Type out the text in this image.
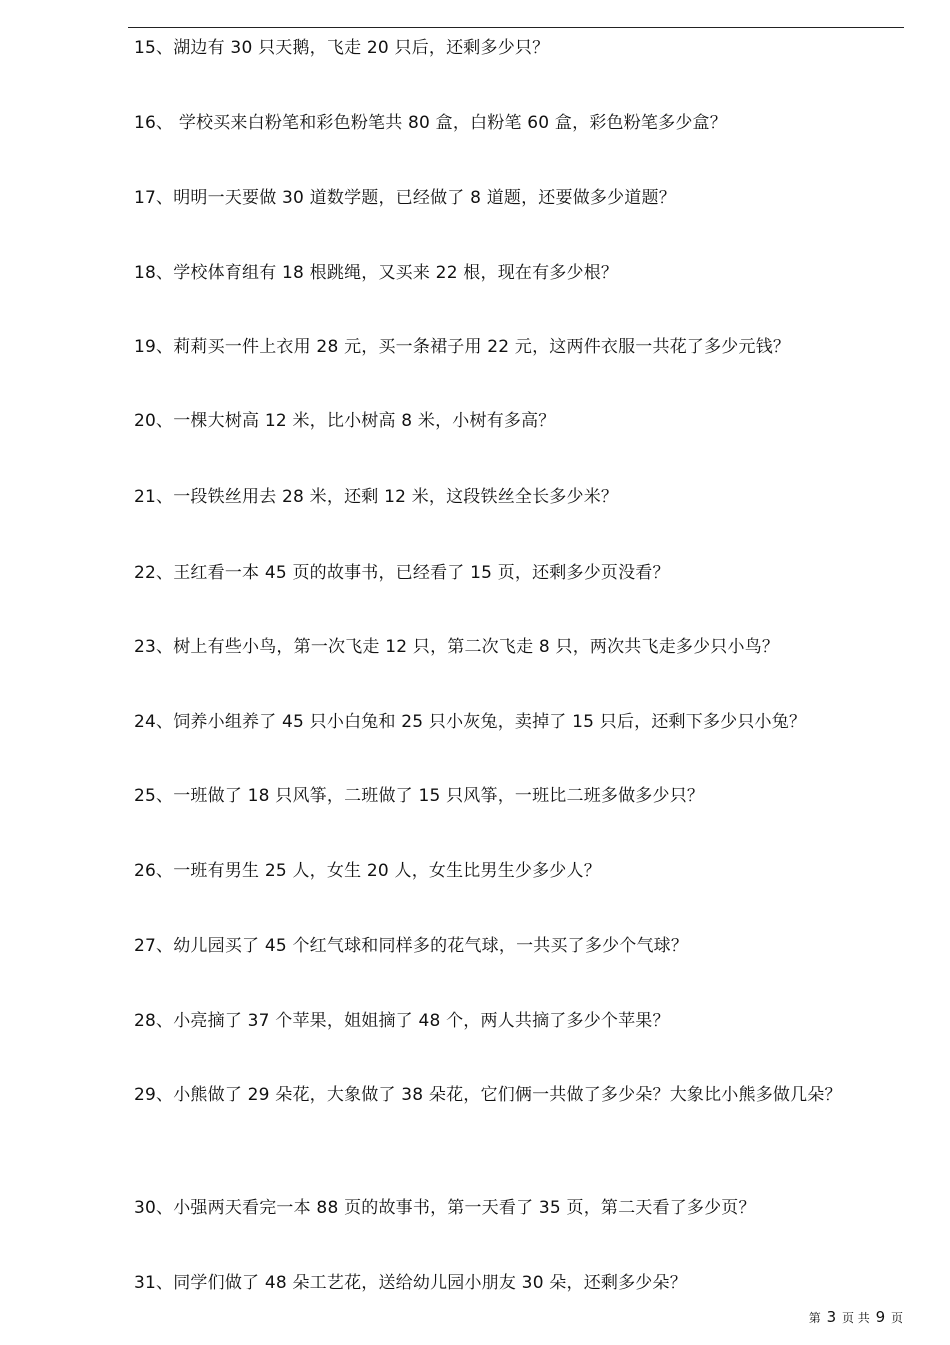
15、湖边有 30 只天鹅，飞走 20 只后，还剩多少只？
16、 学校买来白粉笔和彩色粉笔共 80 盒，白粉笔 60 盒，彩色粉笔多少盒？
17、明明一天要做 30 道数学题，已经做了 8 道题，还要做多少道题？
18、学校体育组有 18 根跳绳，又买来 22 根，现在有多少根？
19、莉莉买一件上衣用 28 元，买一条裙子用 22 元，这两件衣服一共花了多少元钱？
20、一棵大树高 12 米，比小树高 8 米，小树有多高？
21、一段铁丝用去 28 米，还剩 12 米，这段铁丝全长多少米？
22、王红看一本 45 页的故事书，已经看了 15 页，还剩多少页没看？
23、树上有些小鸟，第一次飞走 12 只，第二次飞走 8 只，两次共飞走多少只小鸟？
24、饲养小组养了 45 只小白兔和 25 只小灰兔，卖掉了 15 只后，还剩下多少只小兔？
25、一班做了 18 只风筝，二班做了 15 只风筝，一班比二班多做多少只？
26、一班有男生 25 人，女生 20 人，女生比男生少多少人？
27、幼儿园买了 45 个红气球和同样多的花气球，一共买了多少个气球？
28、小亮摘了 37 个苹果，姐姐摘了 48 个，两人共摘了多少个苹果？
29、小熊做了 29 朵花，大象做了 38 朵花，它们俩一共做了多少朵？大象比小熊多做几朵？
30、小强两天看完一本 88 页的故事书，第一天看了 35 页，第二天看了多少页？
31、同学们做了 48 朵工艺花，送给幼儿园小朋友 30 朵，还剩多少朵？
第 3 页 共 9 页
